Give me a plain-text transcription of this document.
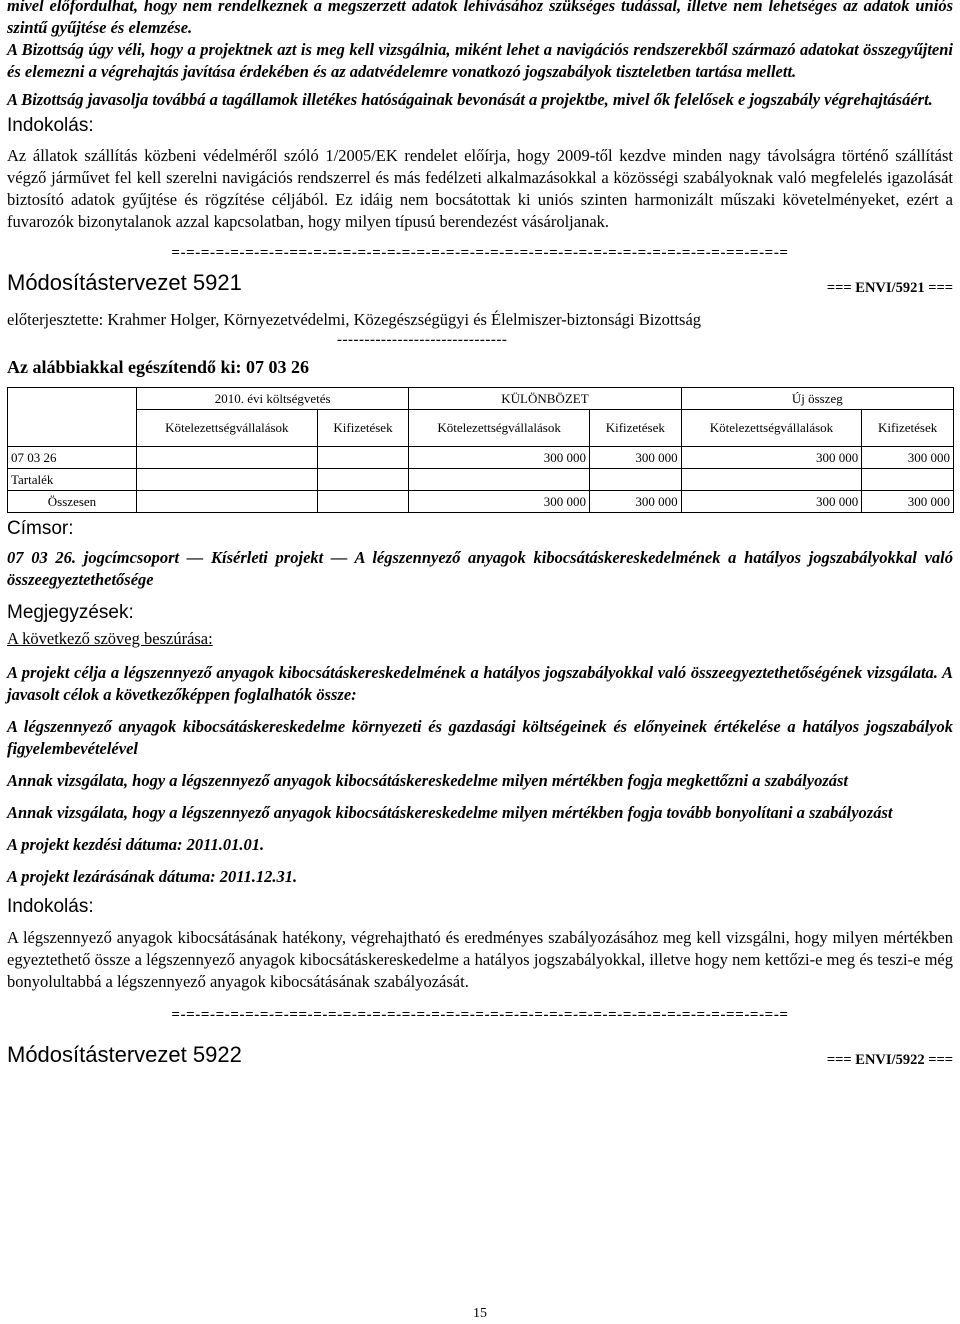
mivel előfordulhat, hogy nem rendelkeznek a megszerzett adatok lehívásához szükséges tudással, illetve nem lehetséges az adatok uniós szintű gyűjtése és elemzése.

A Bizottság úgy véli, hogy a projektnek azt is meg kell vizsgálnia, miként lehet a navigációs rendszerekből származó adatokat összegyűjteni és elemezni a végrehajtás javítása érdekében és az adatvédelemre vonatkozó jogszabályok tiszteletben tartása mellett.

A Bizottság javasolja továbbá a tagállamok illetékes hatóságainak bevonását a projektbe, mivel ők felelősek e jogszabály végrehajtásáért.

Indokolás:

Az állatok szállítás közbeni védelméről szóló 1/2005/EK rendelet előírja, hogy 2009-től kezdve minden nagy távolságra történő szállítást végző járművet fel kell szerelni navigációs rendszerrel és más fedélzeti alkalmazásokkal a közösségi szabályoknak való megfelelés igazolását biztosító adatok gyűjtése és rögzítése céljából. Ez idáig nem bocsátottak ki uniós szinten harmonizált műszaki követelményeket, ezért a fuvarozók bizonytalanok azzal kapcsolatban, hogy milyen típusú berendezést vásároljanak.

=-=-=-=-=-=-=-=-==-=-=-=-=-=-=-=-=-=-=-=-=-=-=-=-=-=-=-=-=-=-=-=-=-=-=-=-=-==-=-=-=

Módosítástervezet 5921	=== ENVI/5921 ===

előterjesztette: Krahmer Holger, Környezetvédelmi, Közegészségügyi és Élelmiszer-biztonsági Bizottság

-------------------------------

Az alábbiakkal egészítendő ki: 07 03 26

	2010. évi költségvetés		KÜLÖNBÖZET		Új összeg	
	Kötelezettségvállalások	Kifizetések	Kötelezettségvállalások	Kifizetések	Kötelezettségvállalások	Kifizetések
07 03 26			300 000	300 000	300 000	300 000
Tartalék						
Összesen			300 000	300 000	300 000	300 000

Címsor:

07 03 26. jogcímcsoport — Kísérleti projekt — A légszennyező anyagok kibocsátáskereskedelmének a hatályos jogszabályokkal való összeegyeztethetősége

Megjegyzések:

A következő szöveg beszúrása:

A projekt célja a légszennyező anyagok kibocsátáskereskedelmének a hatályos jogszabályokkal való összeegyeztethetőségének vizsgálata. A javasolt célok a következőképpen foglalhatók össze:

A légszennyező anyagok kibocsátáskereskedelme környezeti és gazdasági költségeinek és előnyeinek értékelése a hatályos jogszabályok figyelembevételével

Annak vizsgálata, hogy a légszennyező anyagok kibocsátáskereskedelme milyen mértékben fogja megkettőzni a szabályozást

Annak vizsgálata, hogy a légszennyező anyagok kibocsátáskereskedelme milyen mértékben fogja tovább bonyolítani a szabályozást

A projekt kezdési dátuma: 2011.01.01.

A projekt lezárásának dátuma: 2011.12.31.

Indokolás:

A légszennyező anyagok kibocsátásának hatékony, végrehajtható és eredményes szabályozásához meg kell vizsgálni, hogy milyen mértékben egyeztethető össze a légszennyező anyagok kibocsátáskereskedelme a hatályos jogszabályokkal, illetve hogy nem kettőzi-e meg és teszi-e még bonyolultabbá a légszennyező anyagok kibocsátásának szabályozását.

=-=-=-=-=-=-=-=-==-=-=-=-=-=-=-=-=-=-=-=-=-=-=-=-=-=-=-=-=-=-=-=-=-=-=-=-=-==-=-=-=

Módosítástervezet 5922	=== ENVI/5922 ===
15
